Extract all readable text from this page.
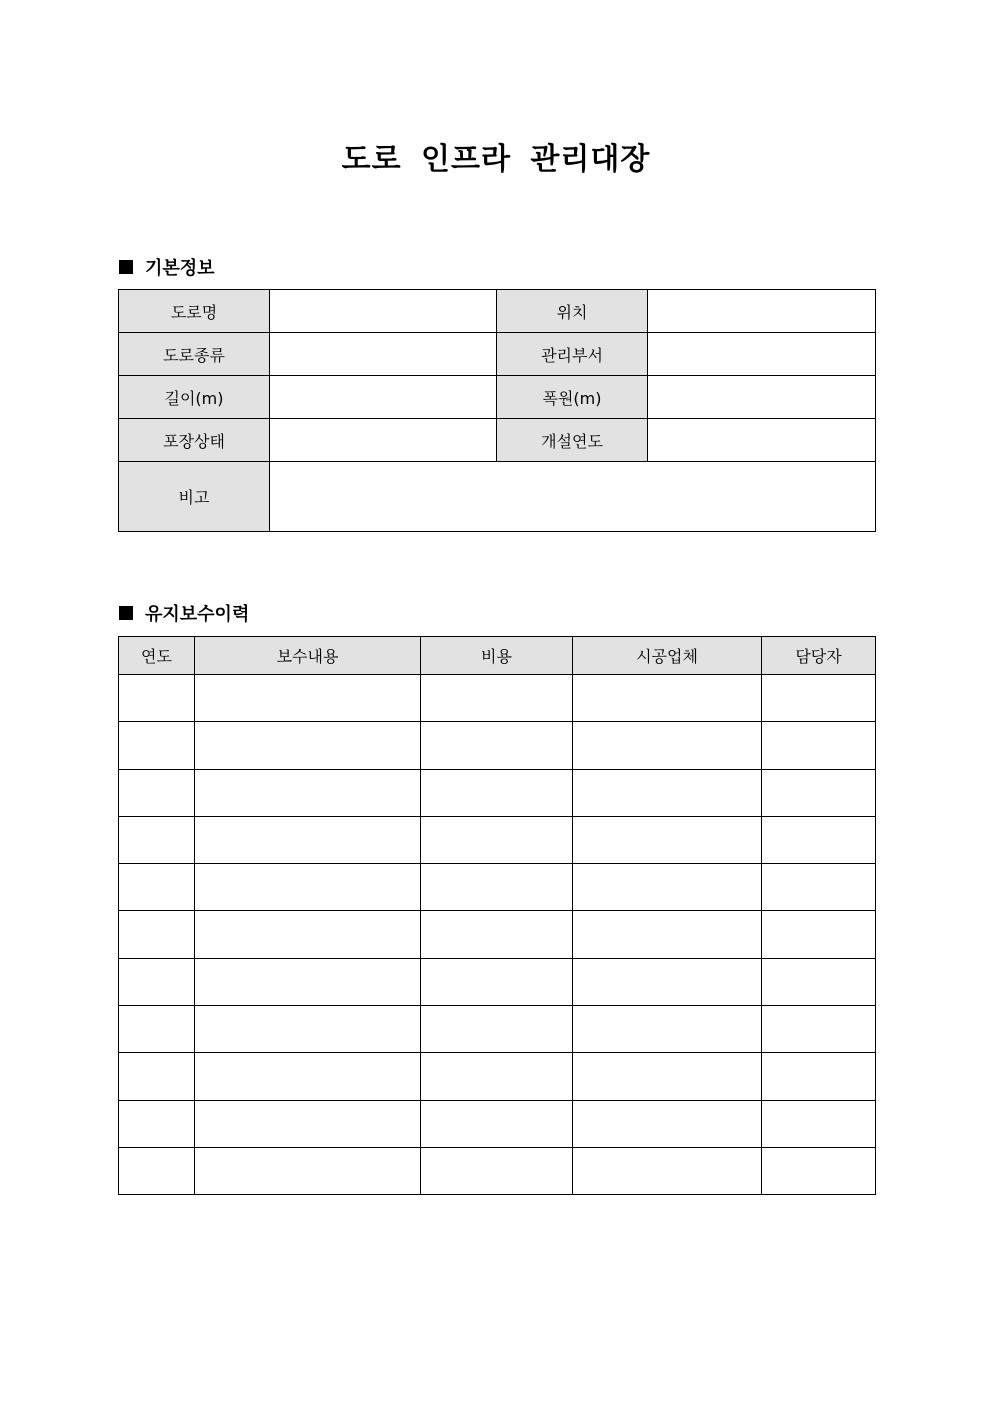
도로 인프라 관리대장
기본정보
도로명		위치	
도로종류		관리부서	
길이(m)		폭원(m)	
포장상태		개설연도	
비고			
유지보수이력
연도	보수내용	비용	시공업체	담당자
